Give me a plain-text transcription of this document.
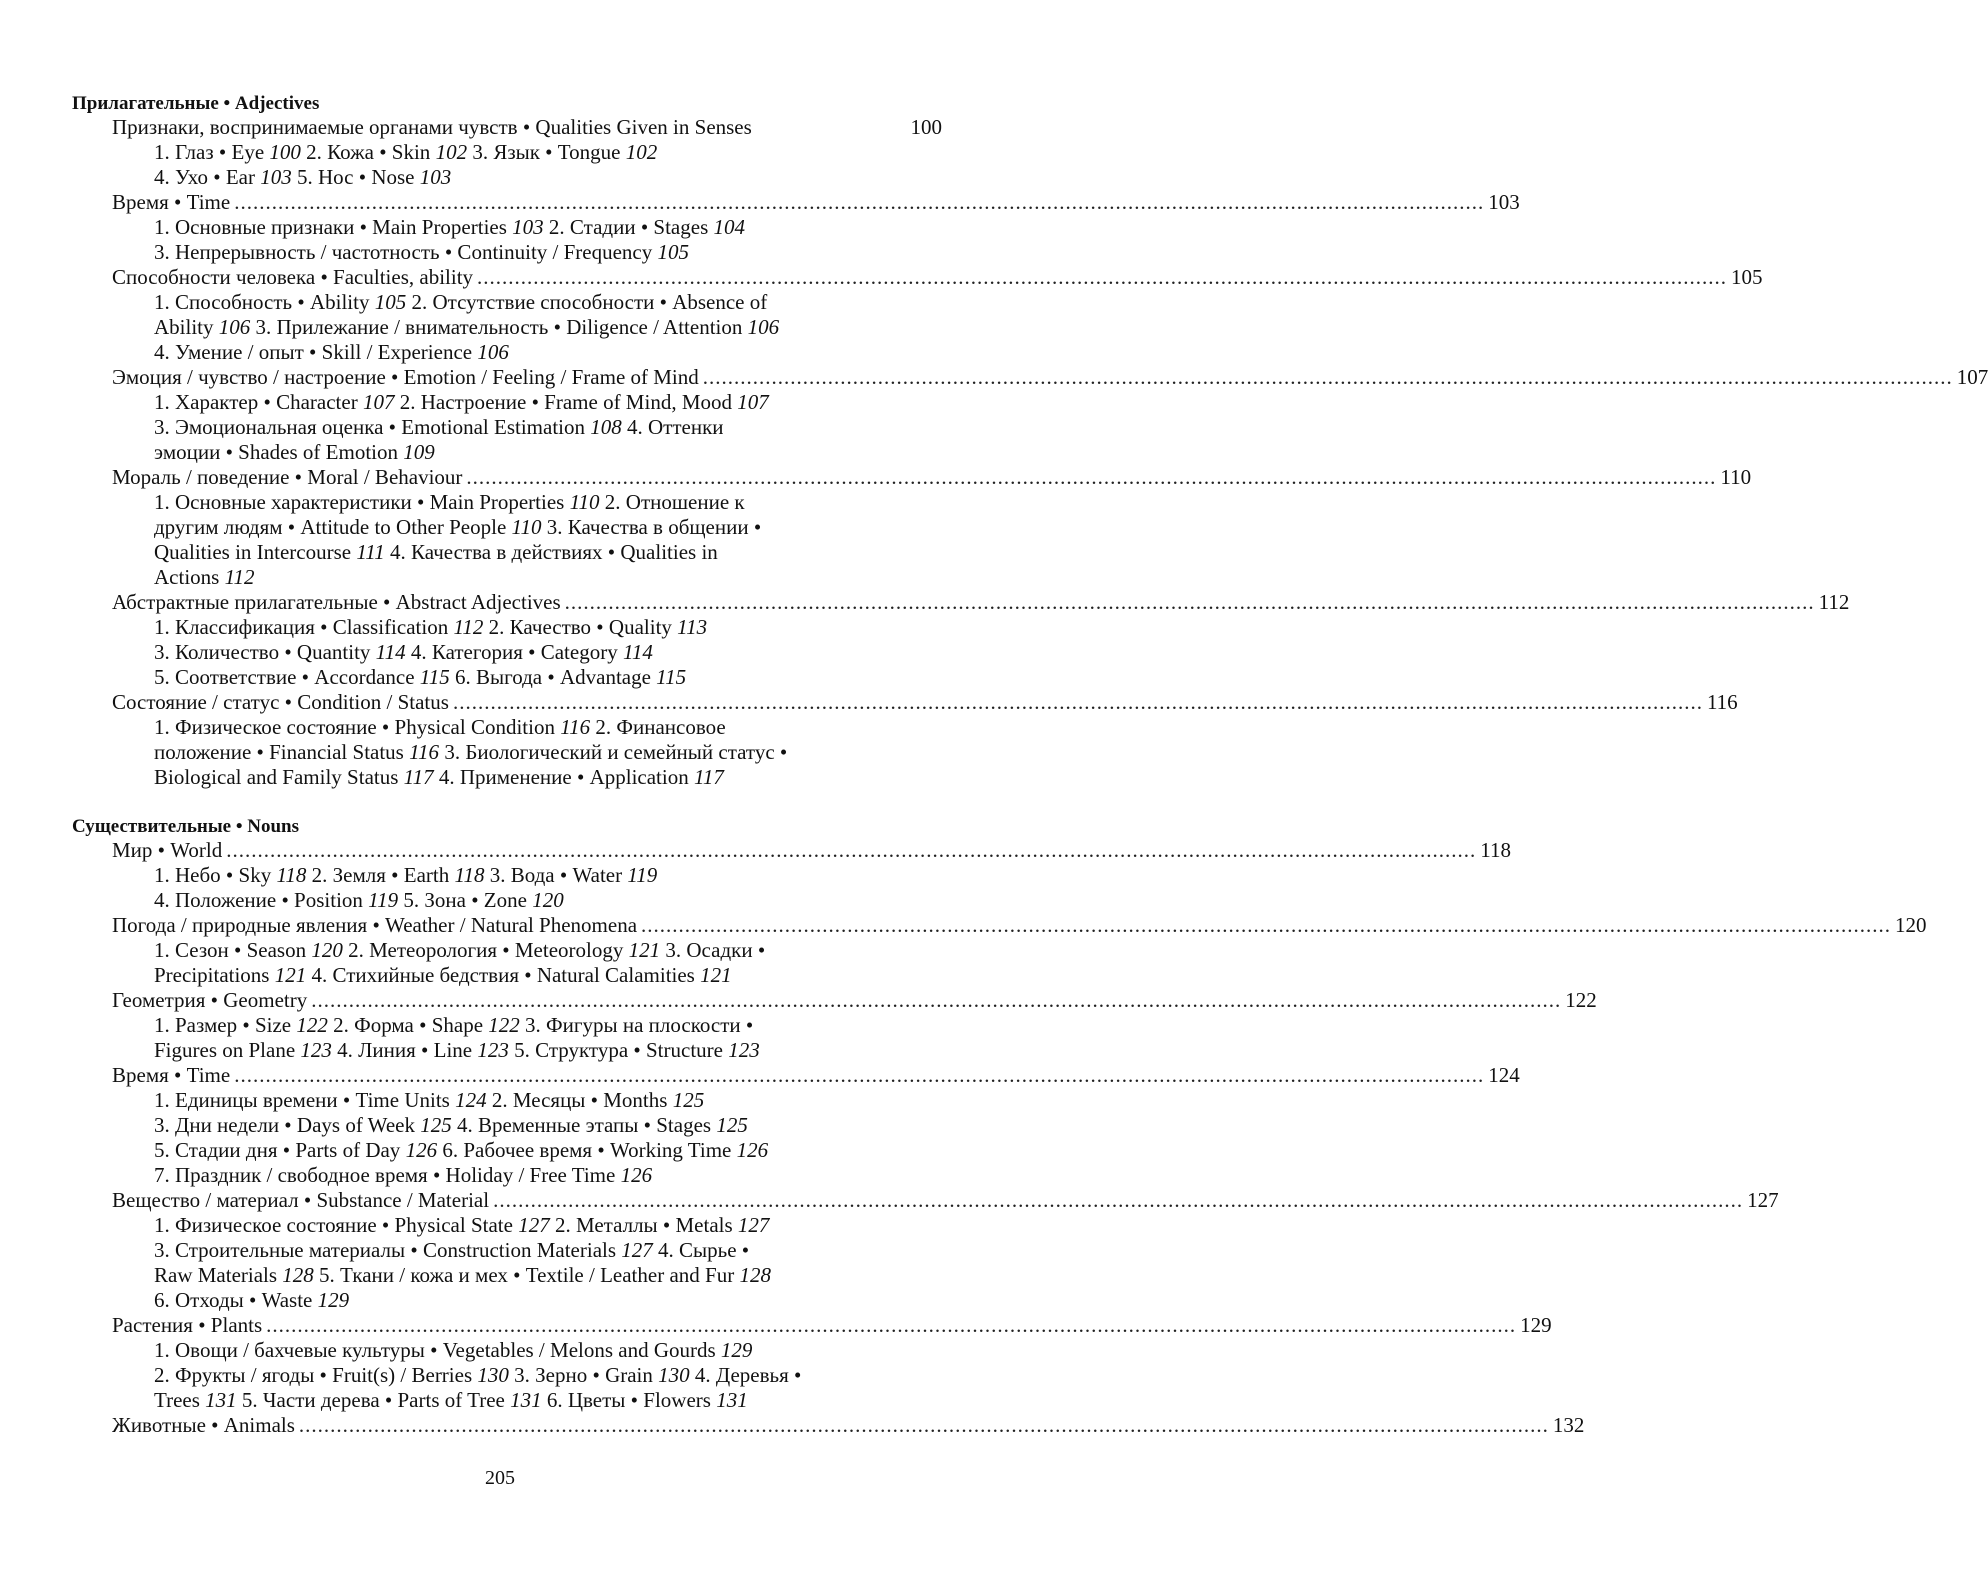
Прилагательные • Adjectives
Признаки, воспринимаемые органами чувств • Qualities Given in Senses
	100
1. Глаз • Eye 100 2. Кожа • Skin 102 3. Язык • Tongue 102
4. Ухо • Ear 103 5. Нос • Nose 103
Время • Time ........................................................................................................................................................................................................ 103
1. Основные признаки • Main Properties 103 2. Стадии • Stages 104
3. Непрерывность / частотность • Continuity / Frequency 105
Способности человека • Faculties, ability ........................................................................................................................................................................................................ 105
1. Способность • Ability 105 2. Отсутствие способности • Absence of
Ability 106 3. Прилежание / внимательность • Diligence / Attention 106
4. Умение / опыт • Skill / Experience 106
Эмоция / чувство / настроение • Emotion / Feeling / Frame of Mind ........................................................................................................................................................................................................ 107
1. Характер • Character 107 2. Настроение • Frame of Mind, Mood 107
3. Эмоциональная оценка • Emotional Estimation 108 4. Оттенки
эмоции • Shades of Emotion 109
Мораль / поведение • Moral / Behaviour ........................................................................................................................................................................................................ 110
1. Основные характеристики • Main Properties 110 2. Отношение к
другим людям • Attitude to Other People 110 3. Качества в общении •
Qualities in Intercourse 111 4. Качества в действиях • Qualities in
Actions 112
Абстрактные прилагательные • Abstract Adjectives ........................................................................................................................................................................................................ 112
1. Классификация • Classification 112 2. Качество • Quality 113
3. Количество • Quantity 114 4. Категория • Category 114
5. Соответствие • Accordance 115 6. Выгода • Advantage 115
Состояние / статус • Condition / Status ........................................................................................................................................................................................................ 116
1. Физическое состояние • Physical Condition 116 2. Финансовое
положение • Financial Status 116 3. Биологический и семейный статус •
Biological and Family Status 117 4. Применение • Application 117
Существительные • Nouns
Мир • World ........................................................................................................................................................................................................ 118
1. Небо • Sky 118 2. Земля • Earth 118 3. Вода • Water 119
4. Положение • Position 119 5. Зона • Zone 120
Погода / природные явления • Weather / Natural Phenomena ........................................................................................................................................................................................................ 120
1. Сезон • Season 120 2. Метеорология • Meteorology 121 3. Осадки •
Precipitations 121 4. Стихийные бедствия • Natural Calamities 121
Геометрия • Geometry ........................................................................................................................................................................................................ 122
1. Размер • Size 122 2. Форма • Shape 122 3. Фигуры на плоскости •
Figures on Plane 123 4. Линия • Line 123 5. Структура • Structure 123
Время • Time ........................................................................................................................................................................................................ 124
1. Единицы времени • Time Units 124 2. Месяцы • Months 125
3. Дни недели • Days of Week 125 4. Временные этапы • Stages 125
5. Стадии дня • Parts of Day 126 6. Рабочее время • Working Time 126
7. Праздник / свободное время • Holiday / Free Time 126
Вещество / материал • Substance / Material ........................................................................................................................................................................................................ 127
1. Физическое состояние • Physical State 127 2. Металлы • Metals 127
3. Строительные материалы • Construction Materials 127 4. Сырье •
Raw Materials 128 5. Ткани / кожа и мех • Textile / Leather and Fur 128
6. Отходы • Waste 129
Растения • Plants ........................................................................................................................................................................................................ 129
1. Овощи / бахчевые культуры • Vegetables / Melons and Gourds 129
2. Фрукты / ягоды • Fruit(s) / Berries 130 3. Зерно • Grain 130 4. Деревья •
Trees 131 5. Части дерева • Parts of Tree 131 6. Цветы • Flowers 131
Животные • Animals ........................................................................................................................................................................................................ 132
205
